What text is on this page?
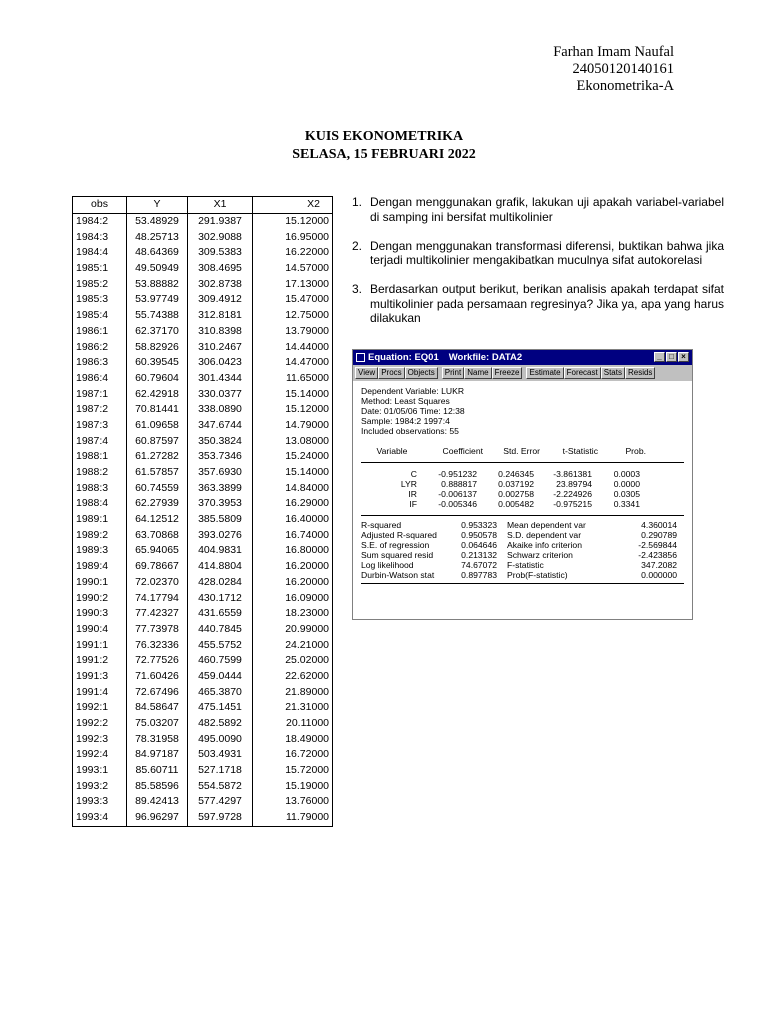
Farhan Imam Naufal
24050120140161
Ekonometrika-A
KUIS EKONOMETRIKA
SELASA, 15 FEBRUARI 2022
obs	Y	X1	X2
1984:2	53.48929	291.9387	15.12000
1984:3	48.25713	302.9088	16.95000
1984:4	48.64369	309.5383	16.22000
1985:1	49.50949	308.4695	14.57000
1985:2	53.88882	302.8738	17.13000
1985:3	53.97749	309.4912	15.47000
1985:4	55.74388	312.8181	12.75000
1986:1	62.37170	310.8398	13.79000
1986:2	58.82926	310.2467	14.44000
1986:3	60.39545	306.0423	14.47000
1986:4	60.79604	301.4344	11.65000
1987:1	62.42918	330.0377	15.14000
1987:2	70.81441	338.0890	15.12000
1987:3	61.09658	347.6744	14.79000
1987:4	60.87597	350.3824	13.08000
1988:1	61.27282	353.7346	15.24000
1988:2	61.57857	357.6930	15.14000
1988:3	60.74559	363.3899	14.84000
1988:4	62.27939	370.3953	16.29000
1989:1	64.12512	385.5809	16.40000
1989:2	63.70868	393.0276	16.74000
1989:3	65.94065	404.9831	16.80000
1989:4	69.78667	414.8804	16.20000
1990:1	72.02370	428.0284	16.20000
1990:2	74.17794	430.1712	16.09000
1990:3	77.42327	431.6559	18.23000
1990:4	77.73978	440.7845	20.99000
1991:1	76.32336	455.5752	24.21000
1991:2	72.77526	460.7599	25.02000
1991:3	71.60426	459.0444	22.62000
1991:4	72.67496	465.3870	21.89000
1992:1	84.58647	475.1451	21.31000
1992:2	75.03207	482.5892	20.11000
1992:3	78.31958	495.0090	18.49000
1992:4	84.97187	503.4931	16.72000
1993:1	85.60711	527.1718	15.72000
1993:2	85.58596	554.5872	15.19000
1993:3	89.42413	577.4297	13.76000
1993:4	96.96297	597.9728	11.79000
1. Dengan menggunakan grafik, lakukan uji apakah variabel-variabel di samping ini bersifat multikolinier
2. Dengan menggunakan transformasi diferensi, buktikan bahwa jika terjadi multikolinier mengakibatkan muculnya sifat autokorelasi
3. Berdasarkan output berikut, berikan analisis apakah terdapat sifat multikolinier pada persamaan regresinya? Jika ya, apa yang harus dilakukan
Equation: EQ01 Workfile: DATA2	_ □ ×
View Procs Objects	Print Name Freeze	Estimate Forecast Stats Resids
Dependent Variable: LUKR
Method: Least Squares
Date: 01/05/06 Time: 12:38
Sample: 1984:2 1997:4
Included observations: 55
Variable	Coefficient	Std. Error	t-Statistic	Prob.
C	-0.951232	0.246345	-3.861381	0.0003
LYR	0.888817	0.037192	23.89794	0.0000
IR	-0.006137	0.002758	-2.224926	0.0305
IF	-0.005346	0.005482	-0.975215	0.3341
R-squared	0.953323	Mean dependent var	4.360014
Adjusted R-squared	0.950578	S.D. dependent var	0.290789
S.E. of regression	0.064646	Akaike info criterion	-2.569844
Sum squared resid	0.213132	Schwarz criterion	-2.423856
Log likelihood	74.67072	F-statistic	347.2082
Durbin-Watson stat	0.897783	Prob(F-statistic)	0.000000
